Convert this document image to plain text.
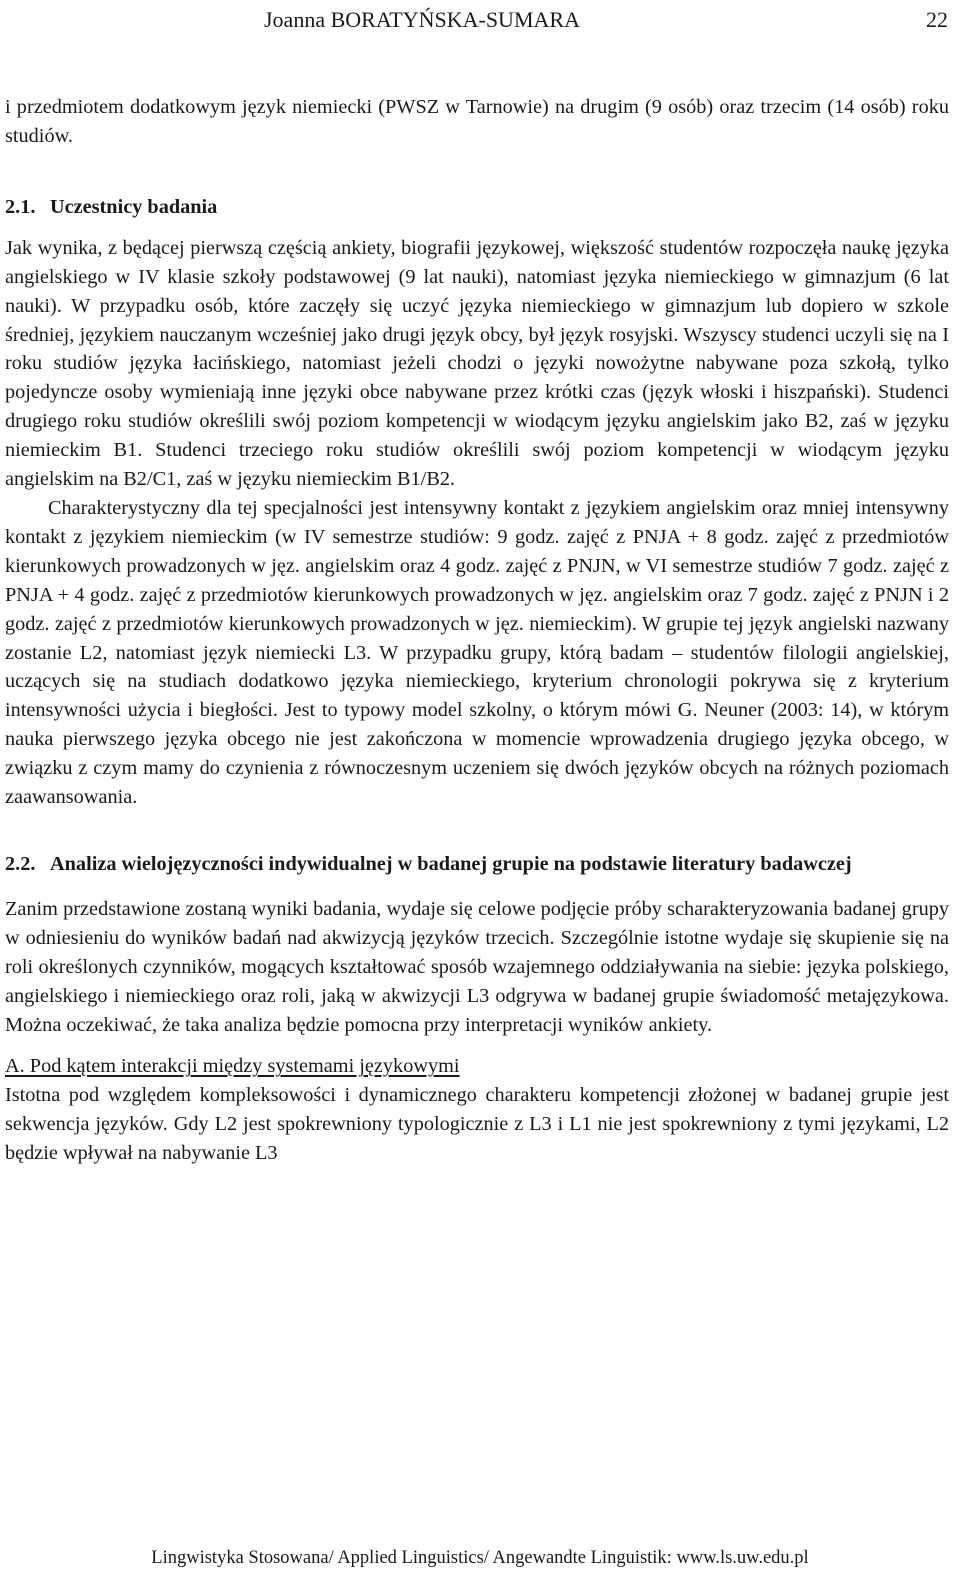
Joanna BORATYŃSKA-SUMARA	22

i przedmiotem dodatkowym język niemiecki (PWSZ w Tarnowie) na drugim (9 osób) oraz trzecim (14 osób) roku studiów.

2.1. Uczestnicy badania

Jak wynika, z będącej pierwszą częścią ankiety, biografii językowej, większość studentów rozpoczęła naukę języka angielskiego w IV klasie szkoły podstawowej (9 lat nauki), natomiast języka niemieckiego w gimnazjum (6 lat nauki). W przypadku osób, które zaczęły się uczyć języka niemieckiego w gimnazjum lub dopiero w szkole średniej, językiem nauczanym wcześniej jako drugi język obcy, był język rosyjski. Wszyscy studenci uczyli się na I roku studiów języka łacińskiego, natomiast jeżeli chodzi o języki nowożytne nabywane poza szkołą, tylko pojedyncze osoby wymieniają inne języki obce nabywane przez krótki czas (język włoski i hiszpański). Studenci drugiego roku studiów określili swój poziom kompetencji w wiodącym języku angielskim jako B2, zaś w języku niemieckim B1. Studenci trzeciego roku studiów określili swój poziom kompetencji w wiodącym języku angielskim na B2/C1, zaś w języku niemieckim B1/B2.

Charakterystyczny dla tej specjalności jest intensywny kontakt z językiem angielskim oraz mniej intensywny kontakt z językiem niemieckim (w IV semestrze studiów: 9 godz. zajęć z PNJA + 8 godz. zajęć z przedmiotów kierunkowych prowadzonych w jęz. angielskim oraz 4 godz. zajęć z PNJN, w VI semestrze studiów 7 godz. zajęć z PNJA + 4 godz. zajęć z przedmiotów kierunkowych prowadzonych w jęz. angielskim oraz 7 godz. zajęć z PNJN i 2 godz. zajęć z przedmiotów kierunkowych prowadzonych w jęz. niemieckim). W grupie tej język angielski nazwany zostanie L2, natomiast język niemiecki L3. W przypadku grupy, którą badam – studentów filologii angielskiej, uczących się na studiach dodatkowo języka niemieckiego, kryterium chronologii pokrywa się z kryterium intensywności użycia i biegłości. Jest to typowy model szkolny, o którym mówi G. Neuner (2003: 14), w którym nauka pierwszego języka obcego nie jest zakończona w momencie wprowadzenia drugiego języka obcego, w związku z czym mamy do czynienia z równoczesnym uczeniem się dwóch języków obcych na różnych poziomach zaawansowania.

2.2. Analiza wielojęzyczności indywidualnej w badanej grupie na podstawie literatury badawczej

Zanim przedstawione zostaną wyniki badania, wydaje się celowe podjęcie próby scharakteryzowania badanej grupy w odniesieniu do wyników badań nad akwizycją języków trzecich. Szczególnie istotne wydaje się skupienie się na roli określonych czynników, mogących kształtować sposób wzajemnego oddziaływania na siebie: języka polskiego, angielskiego i niemieckiego oraz roli, jaką w akwizycji L3 odgrywa w badanej grupie świadomość metajęzykowa. Można oczekiwać, że taka analiza będzie pomocna przy interpretacji wyników ankiety.

A. Pod kątem interakcji między systemami językowymi

Istotna pod względem kompleksowości i dynamicznego charakteru kompetencji złożonej w badanej grupie jest sekwencja języków. Gdy L2 jest spokrewniony typologicznie z L3 i L1 nie jest spokrewniony z tymi językami, L2 będzie wpływał na nabywanie L3

Lingwistyka Stosowana/ Applied Linguistics/ Angewandte Linguistik: www.ls.uw.edu.pl
